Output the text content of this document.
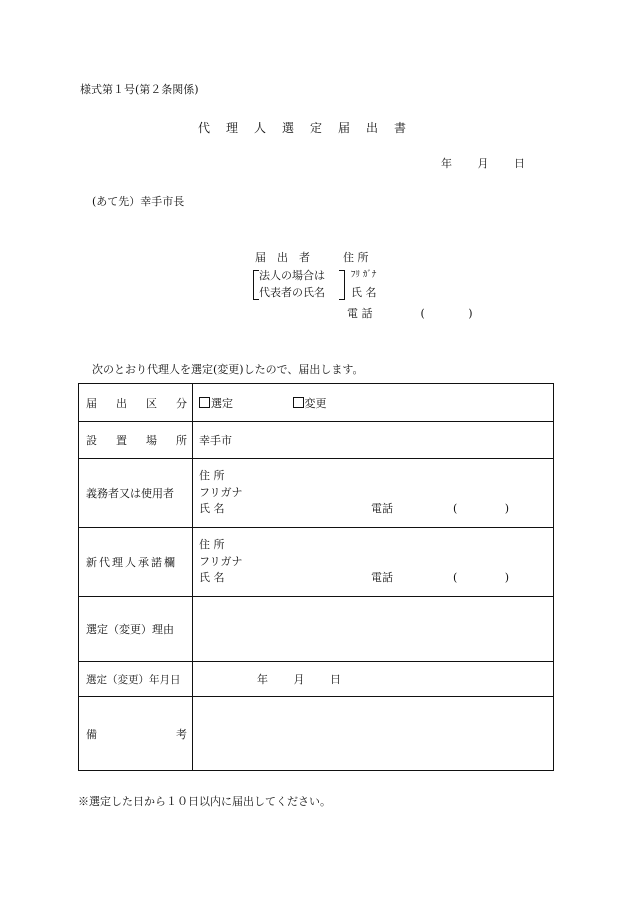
様式第１号(第２条関係)
代理人選定届出書
年 月 日
(あて先）幸手市長
届　出　者	住 所
法人の場合は
代表者の氏名
ﾌﾘ ｶﾞﾅ
氏 名
電 話	( )
次のとおり代理人を選定(変更)したので、届出します。
届 出 区 分	選定 変更

設 置 場 所	幸手市
義務者又は使用者	住 所
フリガナ
氏 名 電話 ( )

新代理人承諾欄	住 所
フリガナ
氏 名 電話 ( )

選定（変更）理由	
選定（変更）年月日	年 月 日

備 考	

※選定した日から１０日以内に届出してください。
